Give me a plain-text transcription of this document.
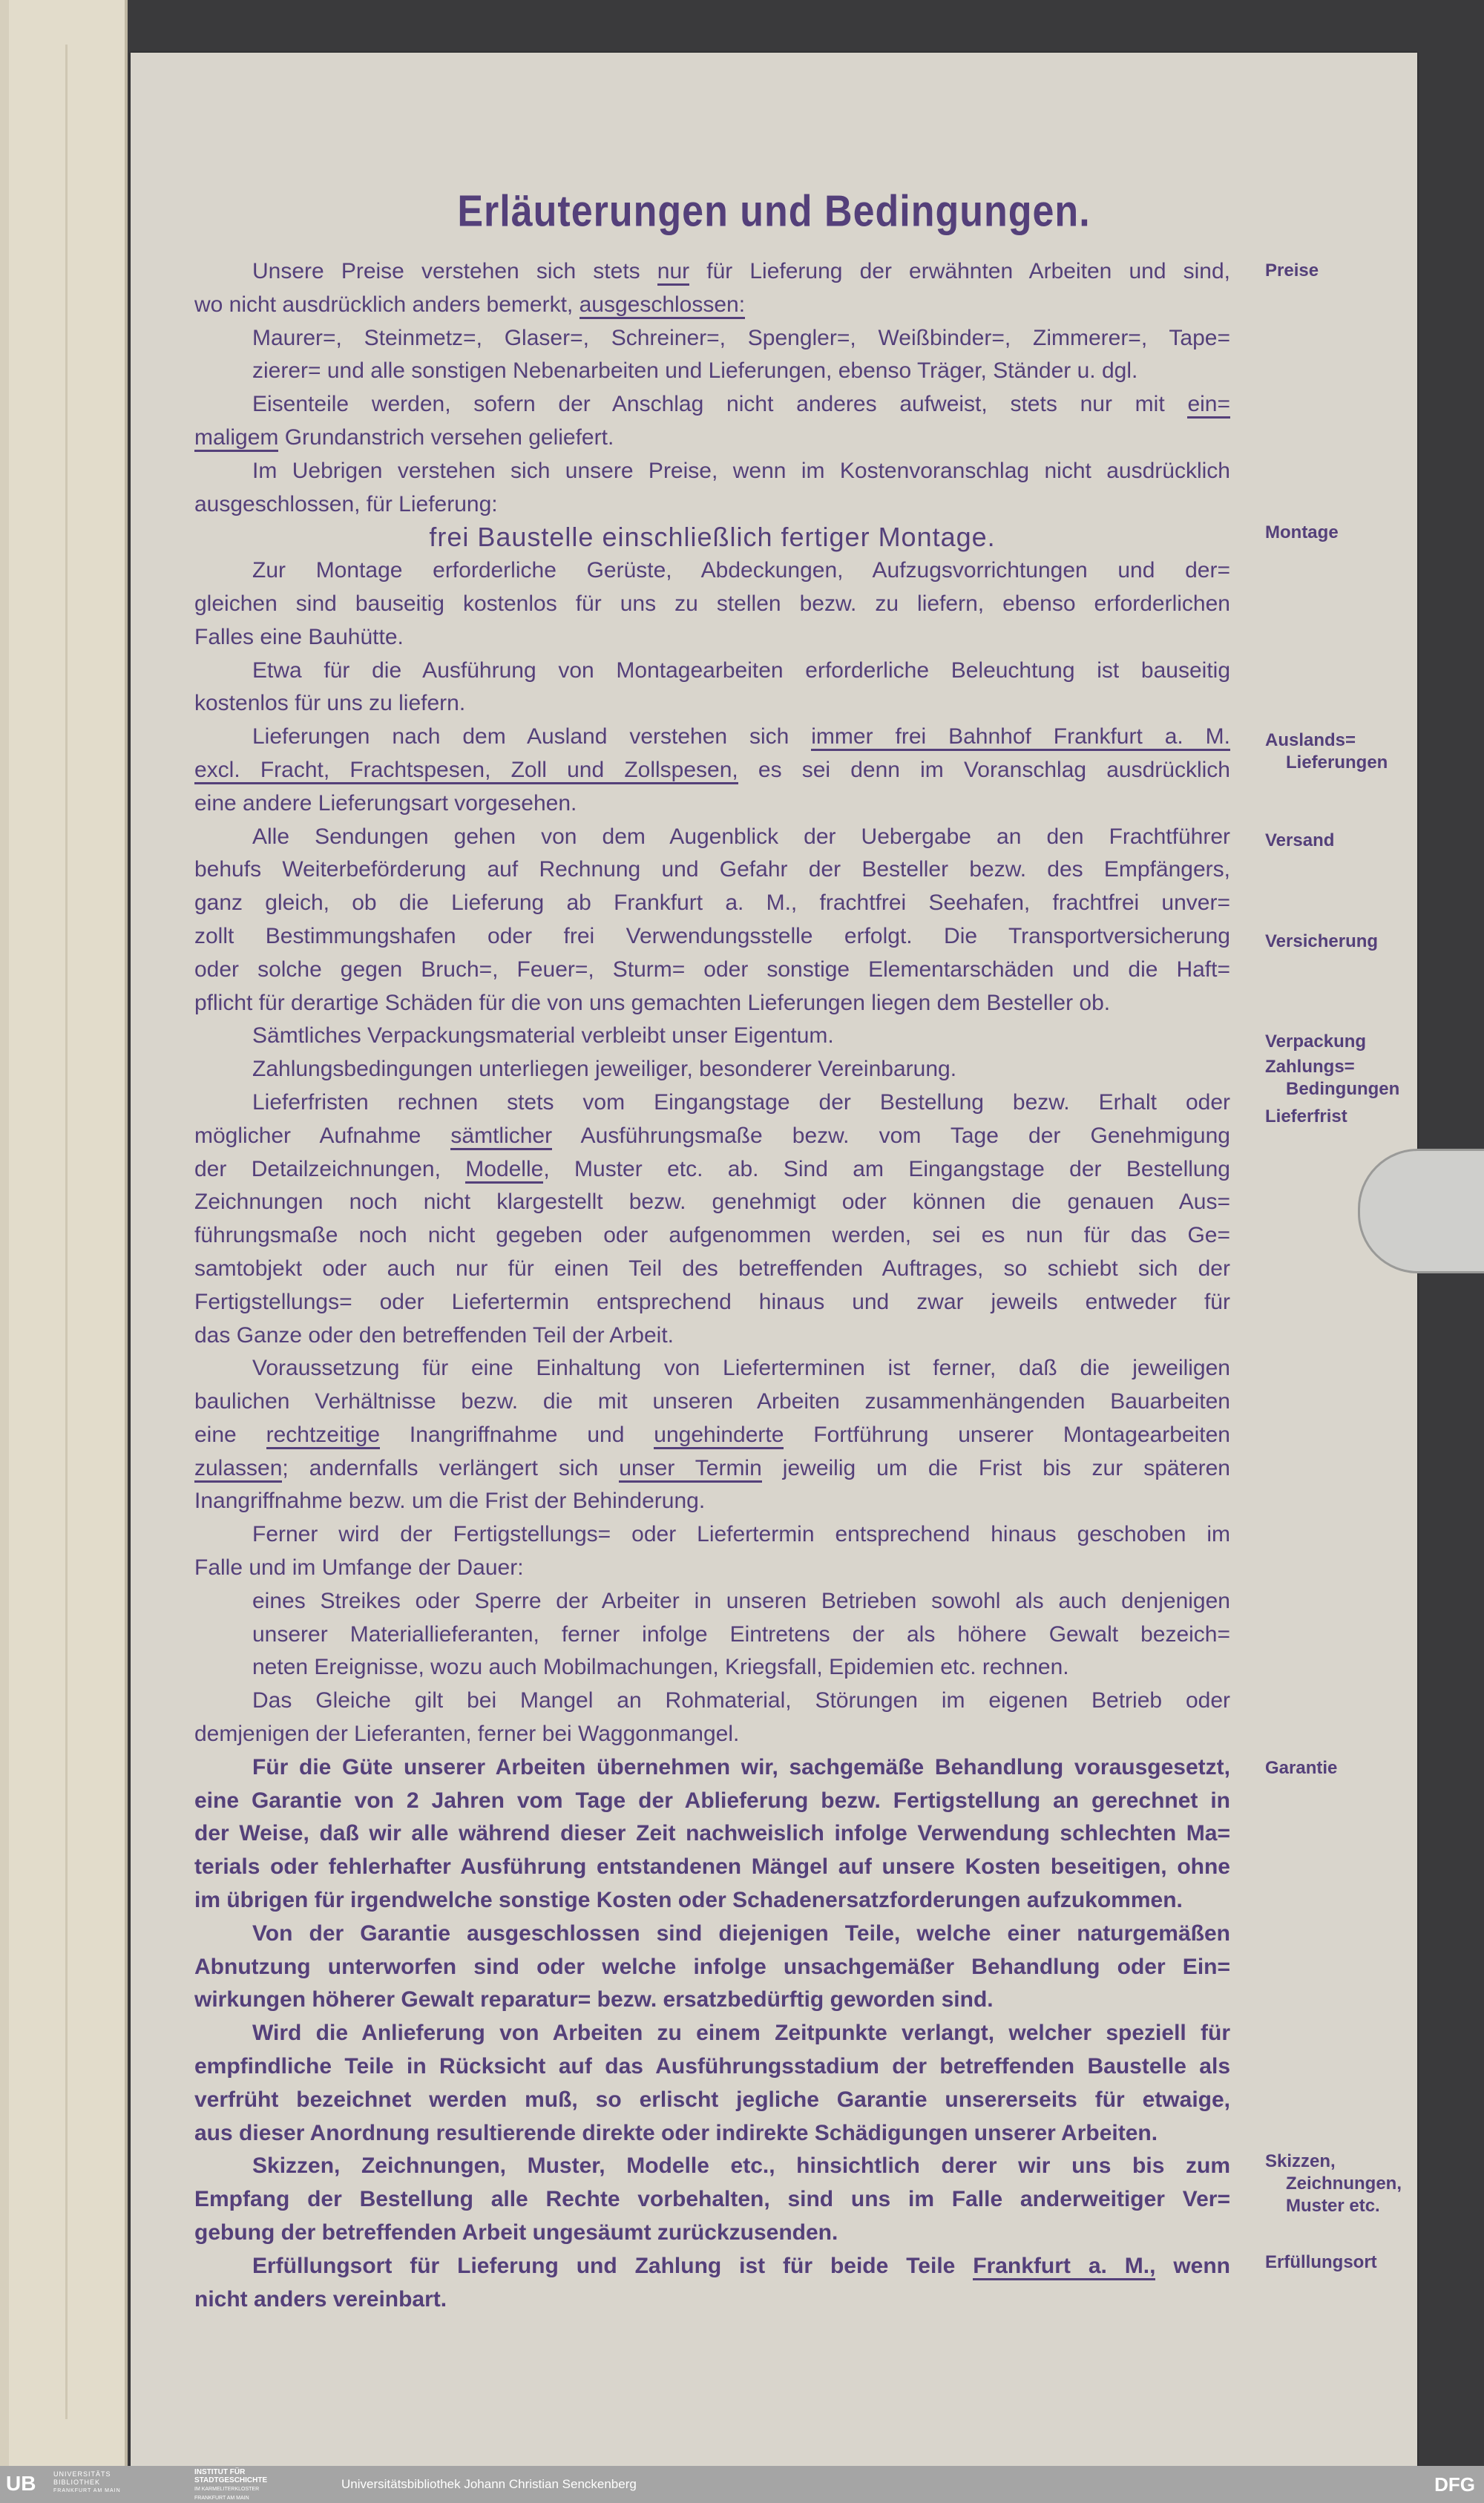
Erläuterungen und Bedingungen.
Unsere Preise verstehen sich stets nur für Lieferung der erwähnten Arbeiten und sind,
wo nicht ausdrücklich anders bemerkt, ausgeschlossen:
Maurer=, Steinmetz=, Glaser=, Schreiner=, Spengler=, Weißbinder=, Zimmerer=, Tape=
zierer= und alle sonstigen Nebenarbeiten und Lieferungen, ebenso Träger, Ständer u. dgl.
Eisenteile werden, sofern der Anschlag nicht anderes aufweist, stets nur mit ein=
maligem Grundanstrich versehen geliefert.
Im Uebrigen verstehen sich unsere Preise, wenn im Kostenvoranschlag nicht ausdrücklich
ausgeschlossen, für Lieferung:
frei Baustelle einschließlich fertiger Montage.
Zur Montage erforderliche Gerüste, Abdeckungen, Aufzugsvorrichtungen und der=
gleichen sind bauseitig kostenlos für uns zu stellen bezw. zu liefern, ebenso erforderlichen
Falles eine Bauhütte.
Etwa für die Ausführung von Montagearbeiten erforderliche Beleuchtung ist bauseitig
kostenlos für uns zu liefern.
Lieferungen nach dem Ausland verstehen sich immer frei Bahnhof Frankfurt a. M.
excl. Fracht, Frachtspesen, Zoll und Zollspesen, es sei denn im Voranschlag ausdrücklich
eine andere Lieferungsart vorgesehen.
Alle Sendungen gehen von dem Augenblick der Uebergabe an den Frachtführer
behufs Weiterbeförderung auf Rechnung und Gefahr der Besteller bezw. des Empfängers,
ganz gleich, ob die Lieferung ab Frankfurt a. M., frachtfrei Seehafen, frachtfrei unver=
zollt Bestimmungshafen oder frei Verwendungsstelle erfolgt. Die Transportversicherung
oder solche gegen Bruch=, Feuer=, Sturm= oder sonstige Elementarschäden und die Haft=
pflicht für derartige Schäden für die von uns gemachten Lieferungen liegen dem Besteller ob.
Sämtliches Verpackungsmaterial verbleibt unser Eigentum.
Zahlungsbedingungen unterliegen jeweiliger, besonderer Vereinbarung.
Lieferfristen rechnen stets vom Eingangstage der Bestellung bezw. Erhalt oder
möglicher Aufnahme sämtlicher Ausführungsmaße bezw. vom Tage der Genehmigung
der Detailzeichnungen, Modelle, Muster etc. ab. Sind am Eingangstage der Bestellung
Zeichnungen noch nicht klargestellt bezw. genehmigt oder können die genauen Aus=
führungsmaße noch nicht gegeben oder aufgenommen werden, sei es nun für das Ge=
samtobjekt oder auch nur für einen Teil des betreffenden Auftrages, so schiebt sich der
Fertigstellungs= oder Liefertermin entsprechend hinaus und zwar jeweils entweder für
das Ganze oder den betreffenden Teil der Arbeit.
Voraussetzung für eine Einhaltung von Lieferterminen ist ferner, daß die jeweiligen
baulichen Verhältnisse bezw. die mit unseren Arbeiten zusammenhängenden Bauarbeiten
eine rechtzeitige Inangriffnahme und ungehinderte Fortführung unserer Montagearbeiten
zulassen; andernfalls verlängert sich unser Termin jeweilig um die Frist bis zur späteren
Inangriffnahme bezw. um die Frist der Behinderung.
Ferner wird der Fertigstellungs= oder Liefertermin entsprechend hinaus geschoben im
Falle und im Umfange der Dauer:
eines Streikes oder Sperre der Arbeiter in unseren Betrieben sowohl als auch denjenigen
unserer Materiallieferanten, ferner infolge Eintretens der als höhere Gewalt bezeich=
neten Ereignisse, wozu auch Mobilmachungen, Kriegsfall, Epidemien etc. rechnen.
Das Gleiche gilt bei Mangel an Rohmaterial, Störungen im eigenen Betrieb oder
demjenigen der Lieferanten, ferner bei Waggonmangel.
Für die Güte unserer Arbeiten übernehmen wir, sachgemäße Behandlung vorausgesetzt,
eine Garantie von 2 Jahren vom Tage der Ablieferung bezw. Fertigstellung an gerechnet in
der Weise, daß wir alle während dieser Zeit nachweislich infolge Verwendung schlechten Ma=
terials oder fehlerhafter Ausführung entstandenen Mängel auf unsere Kosten beseitigen, ohne
im übrigen für irgendwelche sonstige Kosten oder Schadenersatzforderungen aufzukommen.
Von der Garantie ausgeschlossen sind diejenigen Teile, welche einer naturgemäßen
Abnutzung unterworfen sind oder welche infolge unsachgemäßer Behandlung oder Ein=
wirkungen höherer Gewalt reparatur= bezw. ersatzbedürftig geworden sind.
Wird die Anlieferung von Arbeiten zu einem Zeitpunkte verlangt, welcher speziell für
empfindliche Teile in Rücksicht auf das Ausführungsstadium der betreffenden Baustelle als
verfrüht bezeichnet werden muß, so erlischt jegliche Garantie unsererseits für etwaige,
aus dieser Anordnung resultierende direkte oder indirekte Schädigungen unserer Arbeiten.
Skizzen, Zeichnungen, Muster, Modelle etc., hinsichtlich derer wir uns bis zum
Empfang der Bestellung alle Rechte vorbehalten, sind uns im Falle anderweitiger Ver=
gebung der betreffenden Arbeit ungesäumt zurückzusenden.
Erfüllungsort für Lieferung und Zahlung ist für beide Teile Frankfurt a. M., wenn
nicht anders vereinbart.
Preise
Montage
Auslands=
Lieferungen
Versand
Versicherung
Verpackung
Zahlungs=
Bedingungen
Lieferfrist
Garantie
Skizzen,
Zeichnungen,
Muster etc.
Erfüllungsort
UB	UNIVERSITÄTS
BIBLIOTHEK
FRANKFURT AM MAIN
INSTITUT FÜR
STADTGESCHICHTE
IM KARMELITERKLOSTER
FRANKFURT AM MAIN
Universitätsbibliothek Johann Christian Senckenberg	DFG
